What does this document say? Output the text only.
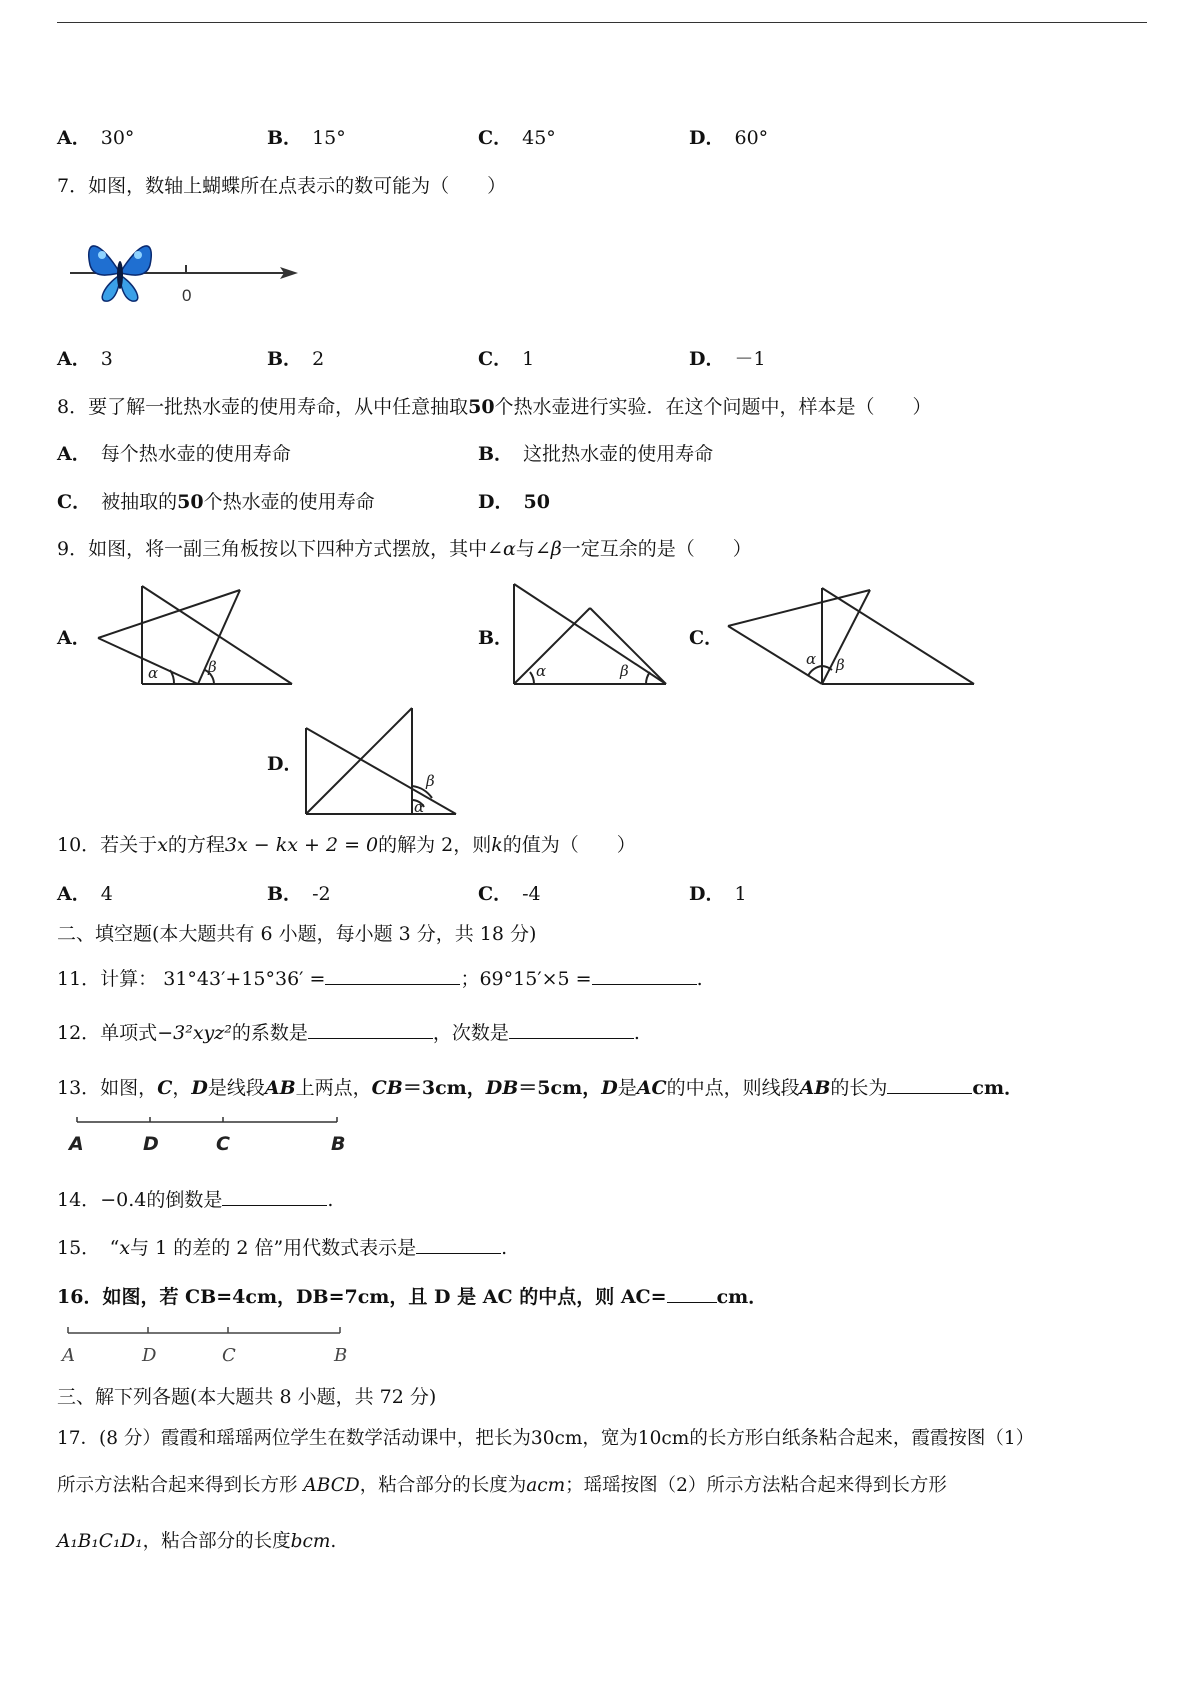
A． 30°	B． 15°	C． 45°	D． 60°
7．如图，数轴上蝴蝶所在点表示的数可能为（　　）
0
A． 3	B． 2	C． 1	D． －1
8．要了解一批热水壶的使用寿命，从中任意抽取50个热水壶进行实验．在这个问题中，样本是（　　）
A． 每个热水壶的使用寿命	B． 这批热水壶的使用寿命
C． 被抽取的50个热水壶的使用寿命	D． 50
9．如图，将一副三角板按以下四种方式摆放，其中∠α与∠β一定互余的是（　　）
A．
α	β
B．
α	β
C．
α β
D．
α
β
10．若关于x的方程3x − kx + 2 = 0的解为 2，则k的值为（　　）
A． 4	B． -2	C． -4	D． 1
二、填空题(本大题共有 6 小题，每小题 3 分，共 18 分)
11．计算： 31°43′+15°36′ =	；69°15′×5 =	.
12．单项式−3²xyz²的系数是	，次数是	.
13．如图，C，D是线段AB上两点，CB＝3cm，DB＝5cm，D是AC的中点，则线段AB的长为	cm．
A	D	C	B
14．−0.4的倒数是	.
15．　“x与 1 的差的 2 倍”用代数式表示是	.
16．如图，若 CB=4cm，DB=7cm，且 D 是 AC 的中点，则 AC=	cm．
A	D	C	B
三、解下列各题(本大题共 8 小题，共 72 分)
17．(8 分）霞霞和瑶瑶两位学生在数学活动课中，把长为30cm，宽为10cm的长方形白纸条粘合起来，霞霞按图（1）
所示方法粘合起来得到长方形 ABCD，粘合部分的长度为acm；瑶瑶按图（2）所示方法粘合起来得到长方形
A₁B₁C₁D₁，粘合部分的长度bcm.
